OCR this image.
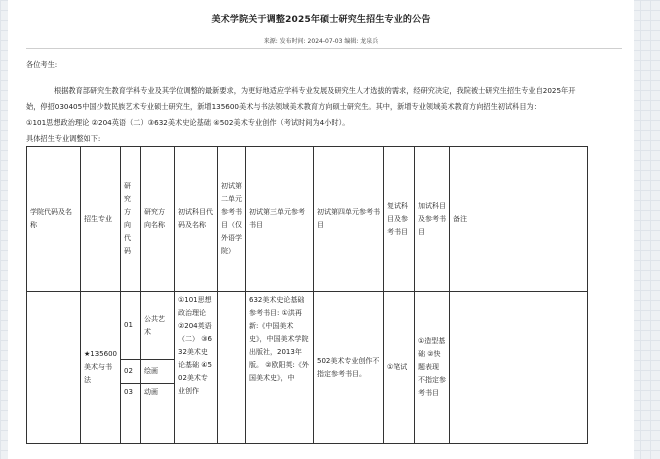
美术学院关于调整2025年硕士研究生招生专业的公告
来源: 发布时间: 2024-07-03 编辑: 龙泉兵
各位考生:
根据教育部研究生教育学科专业及其学位调整的最新要求，为更好地适应学科专业发展及研究生人才选拔的需求，经研究决定，我院被士研究生招生专业自2025年开
始，停招030405中国少数民族艺术专业硕士研究生，新增135600美术与书法领域美术教育方向硕士研究生。其中，新增专业领域美术教育方向招生初试科目为：
①101思想政治理论 ②204英语（二）③632美术史论基础 ④502美术专业创作（考试时间为4小时）。
具体招生专业调整如下:
学院代码及名称	招生专业	研究方向代码	研究方向名称	初试科目代码及名称	初试第二单元参考书目（仅外语学院）	初试第三单元参考书目	初试第四单元参考书目	复试科目及参考书目	加试科目及参考书目	备注
	★135600美术与书法	01	公共艺术	①101思想政治理论 ②204英语（二） ③632美术史论基础 ④502美术专业创作		632美术史论基础 参考书目: ①洪再新:《中国美术史》，中国美术学院出版社，2013年版。 ②欧阳英:《外国美术史》，中	502美术专业创作不指定参考书目。	①笔试	①造型基础 ②快题表现 不指定参考书目	
		02	绘画							
		03	动画							
